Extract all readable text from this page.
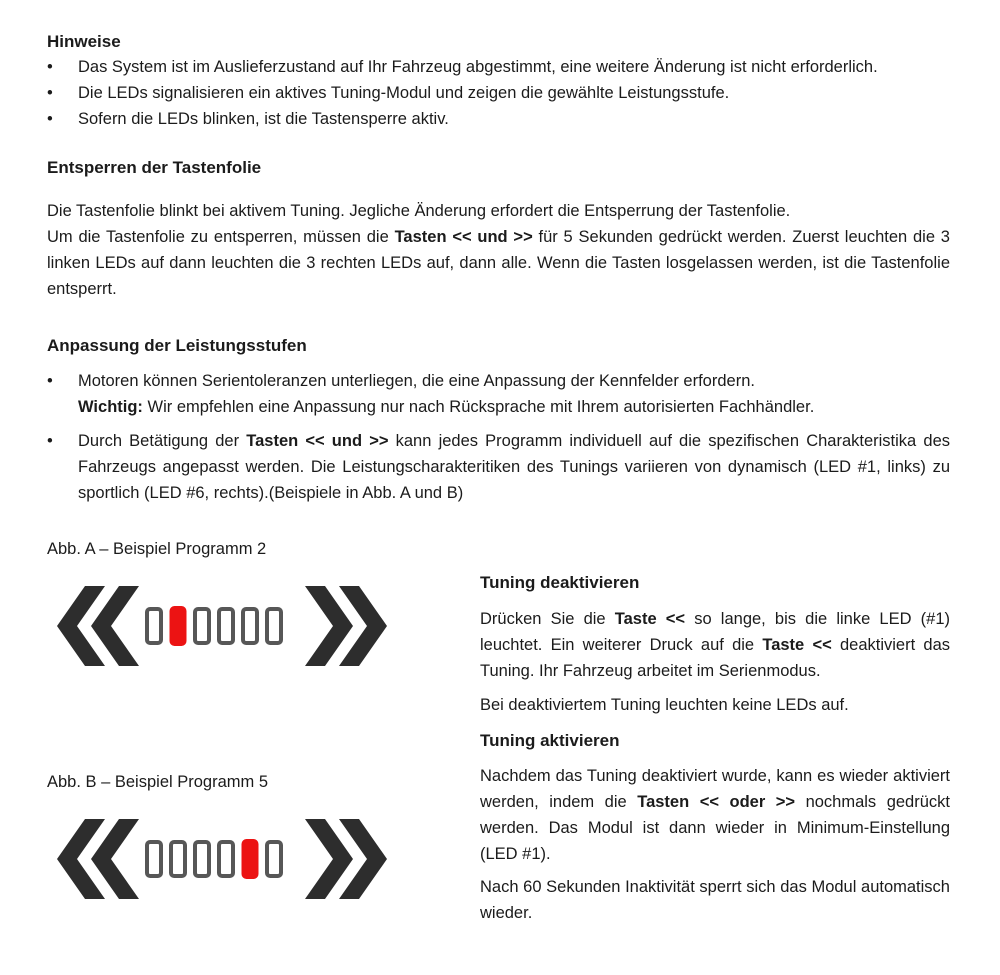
Hinweise
•	Das System ist im Auslieferzustand auf Ihr Fahrzeug abgestimmt, eine weitere Änderung ist nicht erforderlich.
•	Die LEDs signalisieren ein aktives Tuning-Modul und zeigen die gewählte Leistungsstufe.
•	Sofern die LEDs blinken, ist die Tastensperre aktiv.
Entsperren der Tastenfolie

Die Tastenfolie blinkt bei aktivem Tuning. Jegliche Änderung erfordert die Entsperrung der Tastenfolie.

Um die Tastenfolie zu entsperren, müssen die Tasten << und >> für 5 Sekunden gedrückt werden. Zuerst leuchten die 3 linken LEDs auf dann leuchten die 3 rechten LEDs auf, dann alle. Wenn die Tasten losgelassen werden, ist die Tastenfolie entsperrt.

Anpassung der Leistungsstufen
•	Motoren können Serientoleranzen unterliegen, die eine Anpassung der Kennfelder erfordern.
Wichtig: Wir empfehlen eine Anpassung nur nach Rücksprache mit Ihrem autorisierten Fachhändler.
•	Durch Betätigung der Tasten << und >> kann jedes Programm individuell auf die spezifischen Charakteristika des Fahrzeugs angepasst werden. Die Leistungscharakteritiken des Tunings variieren von dynamisch (LED #1, links) zu sportlich (LED #6, rechts).(Beispiele in Abb. A und B)
Abb. A – Beispiel Programm 2
Abb. B – Beispiel Programm 5
Tuning deaktivieren

Drücken Sie die Taste << so lange, bis die linke LED (#1) leuchtet. Ein weiterer Druck auf die Taste << deaktiviert das Tuning. Ihr Fahrzeug arbeitet im Serienmodus.

Bei deaktiviertem Tuning leuchten keine LEDs auf.

Tuning aktivieren

Nachdem das Tuning deaktiviert wurde, kann es wieder aktiviert werden, indem die Tasten << oder >> nochmals gedrückt werden. Das Modul ist dann wieder in Minimum-Einstellung (LED #1).

Nach 60 Sekunden Inaktivität sperrt sich das Modul automatisch wieder.
